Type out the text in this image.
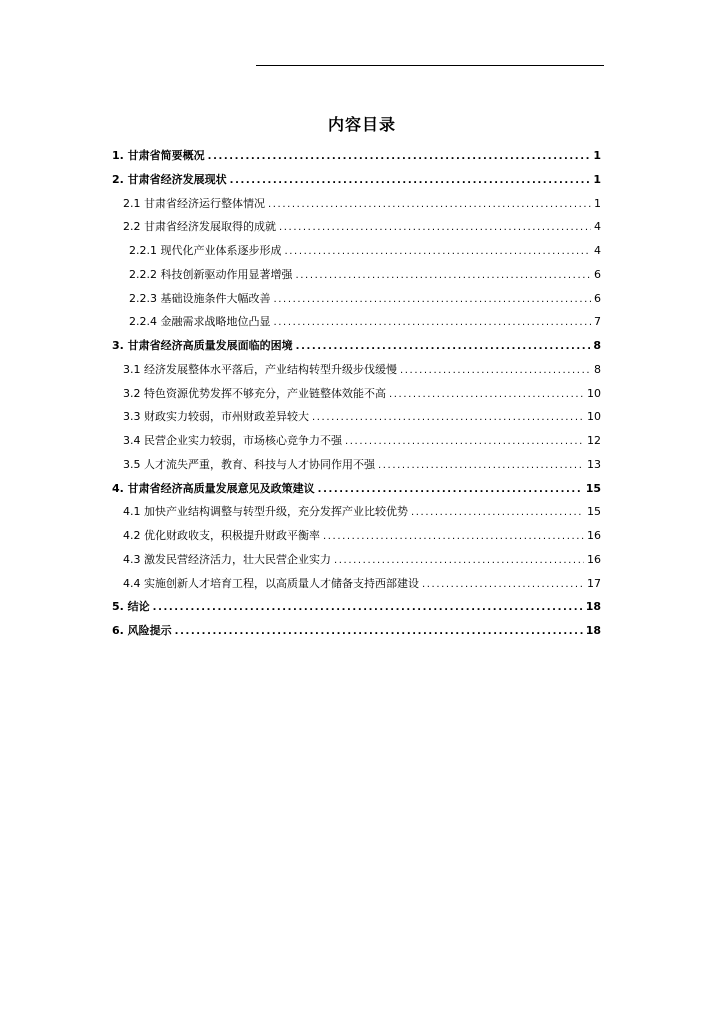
内容目录
1. 甘肃省简要概况 .....	1
2. 甘肃省经济发展现状 .....	1
2.1 甘肃省经济运行整体情况 .....	1
2.2 甘肃省经济发展取得的成就 .....	4
2.2.1 现代化产业体系逐步形成 .....	4
2.2.2 科技创新驱动作用显著增强 .....	6
2.2.3 基础设施条件大幅改善 .....	6
2.2.4 金融需求战略地位凸显 .....	7
3. 甘肃省经济高质量发展面临的困境 .....	8
3.1 经济发展整体水平落后，产业结构转型升级步伐缓慢 .....	8
3.2 特色资源优势发挥不够充分，产业链整体效能不高 .....	10
3.3 财政实力较弱，市州财政差异较大 .....	10
3.4 民营企业实力较弱，市场核心竞争力不强 .....	12
3.5 人才流失严重，教育、科技与人才协同作用不强 .....	13
4. 甘肃省经济高质量发展意见及政策建议 .....	15
4.1 加快产业结构调整与转型升级，充分发挥产业比较优势 .....	15
4.2 优化财政收支，积极提升财政平衡率 .....	16
4.3 激发民营经济活力，壮大民营企业实力 .....	16
4.4 实施创新人才培育工程，以高质量人才储备支持西部建设 .....	17
5. 结论 .....	18
6. 风险提示 .....	18
